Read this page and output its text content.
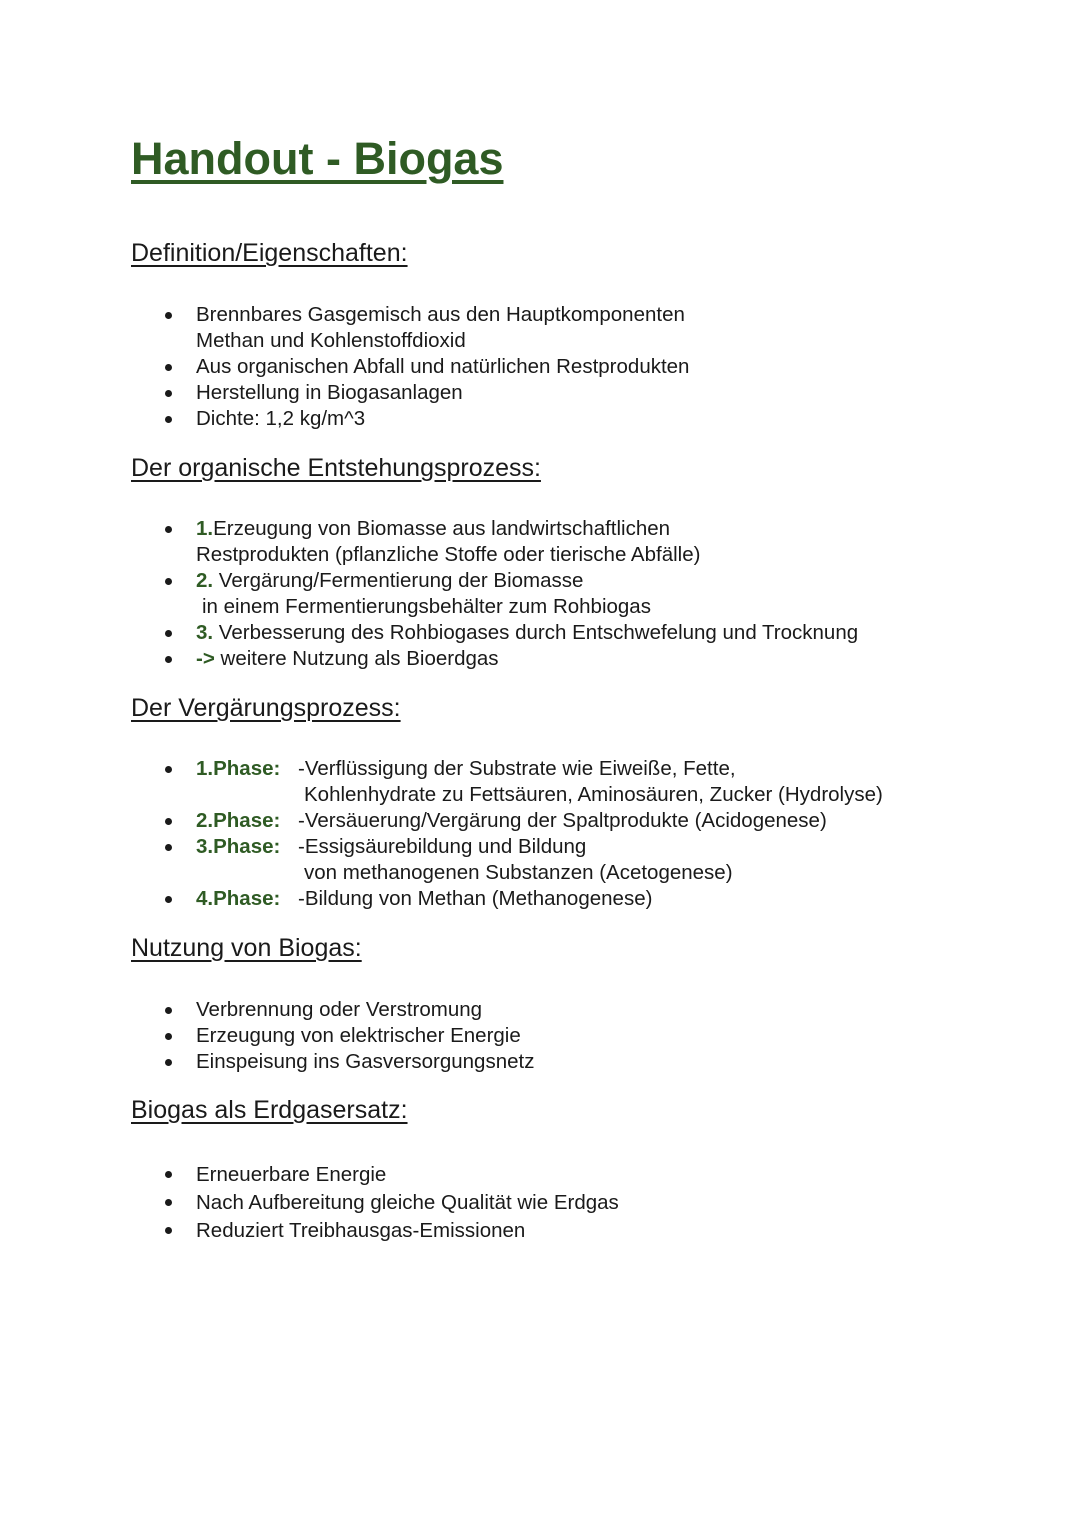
Handout - Biogas
Definition/Eigenschaften:
Brennbares Gasgemisch aus den Hauptkomponenten
Methan und Kohlenstoffdioxid
Aus organischen Abfall und natürlichen Restprodukten
Herstellung in Biogasanlagen
Dichte: 1,2 kg/m^3
Der organische Entstehungsprozess:
1.Erzeugung von Biomasse aus landwirtschaftlichen
Restprodukten (pflanzliche Stoffe oder tierische Abfälle)
2. Vergärung/Fermentierung der Biomasse
in einem Fermentierungsbehälter zum Rohbiogas
3. Verbesserung des Rohbiogases durch Entschwefelung und Trocknung
-> weitere Nutzung als Bioerdgas
Der Vergärungsprozess:
1.Phase: -Verflüssigung der Substrate wie Eiweiße, Fette,
Kohlenhydrate zu Fettsäuren, Aminosäuren, Zucker (Hydrolyse)
2.Phase: -Versäuerung/Vergärung der Spaltprodukte (Acidogenese)
3.Phase: -Essigsäurebildung und Bildung
von methanogenen Substanzen (Acetogenese)
4.Phase: -Bildung von Methan (Methanogenese)
Nutzung von Biogas:
Verbrennung oder Verstromung
Erzeugung von elektrischer Energie
Einspeisung ins Gasversorgungsnetz
Biogas als Erdgasersatz:
Erneuerbare Energie
Nach Aufbereitung gleiche Qualität wie Erdgas
Reduziert Treibhausgas-Emissionen
